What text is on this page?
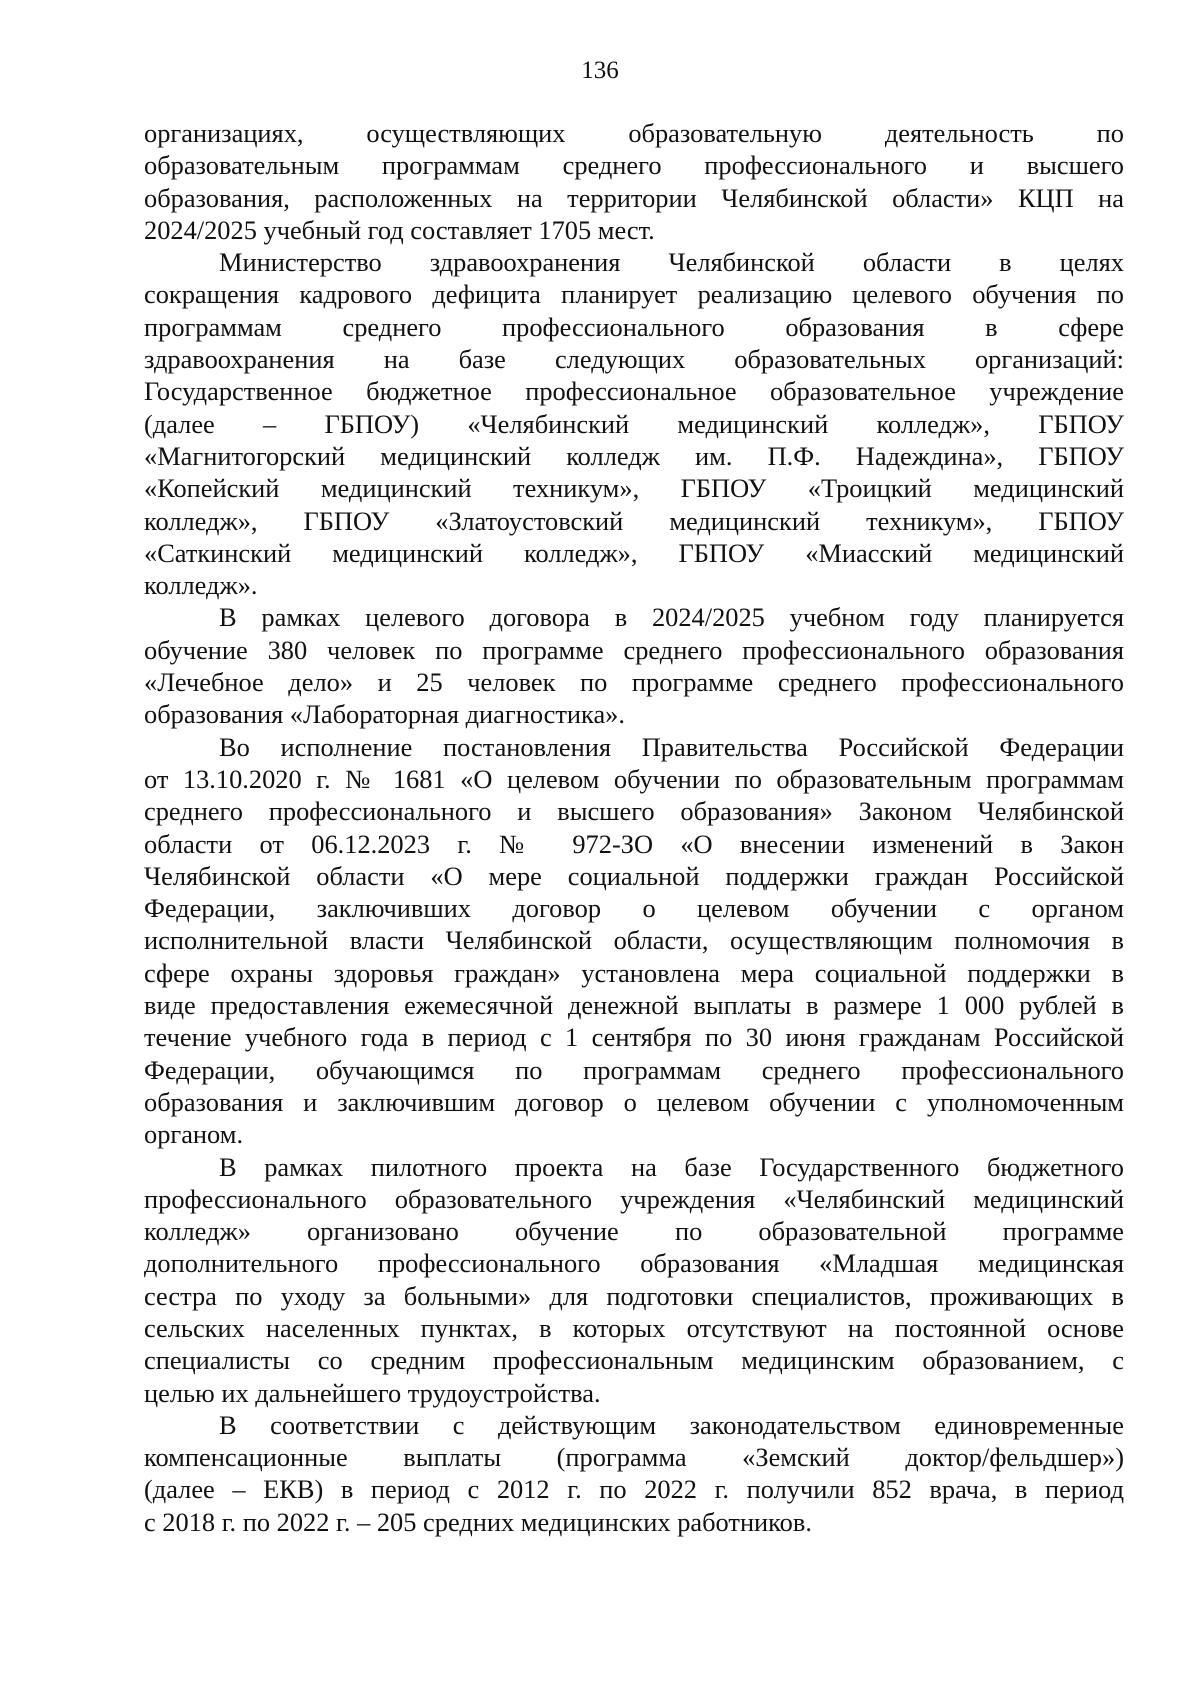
136

организациях, осуществляющих образовательную деятельность по

образовательным программам среднего профессионального и высшего

образования, расположенных на территории Челябинской области» КЦП на

2024/2025 учебный год составляет 1705 мест.

Министерство здравоохранения Челябинской области в целях

сокращения кадрового дефицита планирует реализацию целевого обучения по

программам среднего профессионального образования в сфере

здравоохранения на базе следующих образовательных организаций:

Государственное бюджетное профессиональное образовательное учреждение

(далее – ГБПОУ) «Челябинский медицинский колледж», ГБПОУ

«Магнитогорский медицинский колледж им. П.Ф. Надеждина», ГБПОУ

«Копейский медицинский техникум», ГБПОУ «Троицкий медицинский

колледж», ГБПОУ «Златоустовский медицинский техникум», ГБПОУ

«Саткинский медицинский колледж», ГБПОУ «Миасский медицинский

колледж».

В рамках целевого договора в 2024/2025 учебном году планируется

обучение 380 человек по программе среднего профессионального образования

«Лечебное дело» и 25 человек по программе среднего профессионального

образования «Лабораторная диагностика».

Во исполнение постановления Правительства Российской Федерации

от 13.10.2020 г. № 1681 «О целевом обучении по образовательным программам

среднего профессионального и высшего образования» Законом Челябинской

области от 06.12.2023 г. № 972-ЗО «О внесении изменений в Закон

Челябинской области «О мере социальной поддержки граждан Российской

Федерации, заключивших договор о целевом обучении с органом

исполнительной власти Челябинской области, осуществляющим полномочия в

сфере охраны здоровья граждан» установлена мера социальной поддержки в

виде предоставления ежемесячной денежной выплаты в размере 1 000 рублей в

течение учебного года в период с 1 сентября по 30 июня гражданам Российской

Федерации, обучающимся по программам среднего профессионального

образования и заключившим договор о целевом обучении с уполномоченным

органом.

В рамках пилотного проекта на базе Государственного бюджетного

профессионального образовательного учреждения «Челябинский медицинский

колледж» организовано обучение по образовательной программе

дополнительного профессионального образования «Младшая медицинская

сестра по уходу за больными» для подготовки специалистов, проживающих в

сельских населенных пунктах, в которых отсутствуют на постоянной основе

специалисты со средним профессиональным медицинским образованием, с

целью их дальнейшего трудоустройства.

В соответствии с действующим законодательством единовременные

компенсационные выплаты (программа «Земский доктор/фельдшер»)

(далее – ЕКВ) в период с 2012 г. по 2022 г. получили 852 врача, в период

с 2018 г. по 2022 г. – 205 средних медицинских работников.
